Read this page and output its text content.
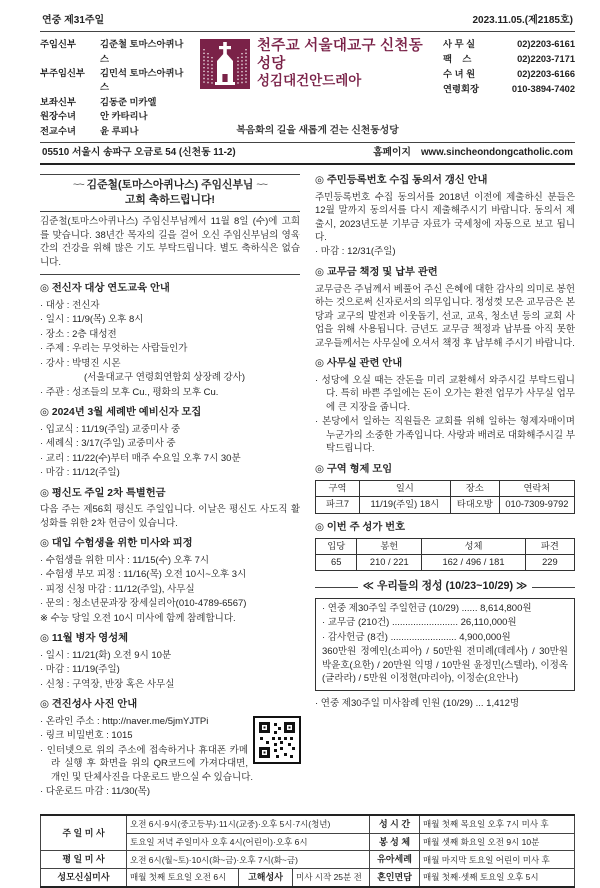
연중 제31주일	2023.11.05.(제2185호)
주임신부	김준철 토마스아퀴나스
부주임신부	김민석 토마스아퀴나스
보좌신부	김동준 미카엘
원장수녀	안 카타리나
전교수녀	윤 루피나
천주교 서울대교구 신천동성당
성김대건안드레아
복음화의 길을 새롭게 걷는 신천동성당
사 무 실	02)2203-6161
팩    스	02)2203-7171
수 녀 원	02)2203-6166
연령회장	010-3894-7402
05510 서울시 송파구 오금로 54 (신천동 11-2)	홈페이지 www.sincheondongcatholic.com
~~ 김준철(토마스아퀴나스) 주임신부님 ~~
고희 축하드립니다!
김준철(토마스아퀴나스) 주임신부님께서 11월 8일 (수)에 고희를 맞습니다. 38년간 목자의 길을 걸어 오신 주임신부님의 영육간의 건강을 위해 많은 기도 부탁드립니다. 별도 축하식은 없습니다.
◎ 전신자 대상 연도교육 안내
· 대상 : 전신자
· 일시 : 11/9(목) 오후 8시
· 장소 : 2층 대성전
· 주제 : 우리는 무엇하는 사람들인가
· 강사 : 박명진 시몬
(서울대교구 연령회연합회 상장례 강사)
· 주관 : 성조들의 모후 Cu., 평화의 모후 Cu.
◎ 2024년 3월 세례반 예비신자 모집
· 입교식 : 11/19(주일) 교중미사 중
· 세례식 : 3/17(주일) 교중미사 중
· 교리 : 11/22(수)부터 매주 수요일 오후 7시 30분
· 마감 : 11/12(주일)
◎ 평신도 주일 2차 특별헌금
다음 주는 제56회 평신도 주일입니다. 이날은 평신도 사도직 활성화를 위한 2차 헌금이 있습니다.
◎ 대입 수험생을 위한 미사와 피정
· 수험생을 위한 미사 : 11/15(수) 오후 7시
· 수험생 부모 피정 : 11/16(목) 오전 10시~오후 3시
· 피정 신청 마감 : 11/12(주일), 사무실
· 문의 : 청소년문과장 장세실리아(010-4789-6567)
※ 수능 당일 오전 10시 미사에 함께 참례합니다.
◎ 11월 병자 영성체
· 일시 : 11/21(화) 오전 9시 10분
· 마감 : 11/19(주일)
· 신청 : 구역장, 반장 혹은 사무실
◎ 견진성사 사진 안내
· 온라인 주소 : http://naver.me/5jmYJTPi
· 링크 비밀번호 : 1015
· 인터넷으로 위의 주소에 접속하거나 휴대폰 카메라 실행 후 화면을 위의 QR코드에 가져다대면, 개인 및 단체사진을 다운로드 받으실 수 있습니다.
· 다운로드 마감 : 11/30(목)
◎ 주민등록번호 수집 동의서 갱신 안내
주민등록번호 수집 동의서를 2018년 이전에 제출하신 분들은 12월 말까지 동의서를 다시 제출해주시기 바랍니다. 동의서 제출시, 2023년도분 기부금 자료가 국세청에 자동으로 보고 됩니다.
· 마감 : 12/31(주일)
◎ 교무금 책정 및 납부 관련
교무금은 주님께서 베풀어 주신 은혜에 대한 감사의 의미로 봉헌하는 것으로써 신자로서의 의무입니다. 정성껏 모은 교무금은 본당과 교구의 발전과 이웃돕기, 선교, 교육, 청소년 등의 교회 사업을 위해 사용됩니다. 금년도 교무금 책정과 납부를 아직 못한 교우들께서는 사무실에 오셔서 책정 후 납부해 주시기 바랍니다.
◎ 사무실 관련 안내
· 성당에 오실 때는 잔돈을 미리 교환해서 와주시길 부탁드립니다. 특히 바쁜 주일에는 돈이 오가는 환전 업무가 사무실 업무에 큰 지장을 줍니다.
· 본당에서 일하는 직원들은 교회를 위해 일하는 형제자매이며 누군가의 소중한 가족입니다. 사랑과 배려로 대화해주시길 부탁드립니다.
◎ 구역 형제 모임
구역	일시	장소	연락처
파크7	11/19(주일) 18시	타대오방	010-7309-9792
◎ 이번 주 성가 번호
입당	봉헌	성체	파견
65	210 / 221	162 / 496 / 181	229
≪ 우리들의 정성 (10/23~10/29) ≫
· 연중 제30주일 주일헌금 (10/29) ...... 8,614,800원
· 교무금 (210건) ......................... 26,110,000원
· 감사헌금 (8건) ......................... 4,900,000원
360만원 정예인(소피아) / 50만원 전미례(데레사) / 30만원 박윤호(요한) / 20만원 익명 / 10만원 윤정민(스텔라), 이정옥(글라라) / 5만원 이정현(마리아), 이정순(요안나)
· 연중 제30주일 미사참례 인원 (10/29) ... 1,412명
주 일 미 사	오전 6시·9시(중고등부)·11시(교중)·오후 5시·7시(청년)			성 시 간	매월 첫째 목요일 오후 7시 미사 후
	토요일 저녁 주일미사 오후 4시(어린이)·오후 6시			봉 성 체	매월 셋째 화요일 오전 9시 10분
평 일 미 사	오전 6시(월~토)·10시(화~금)·오후 7시(화~금)			유아세례	매월 마지막 토요일 어린이 미사 후
성모신심미사	매월 첫째 토요일 오전 6시	고해성사	미사 시작 25분 전	혼인면담	매월 첫째·셋째 토요일 오후 5시
